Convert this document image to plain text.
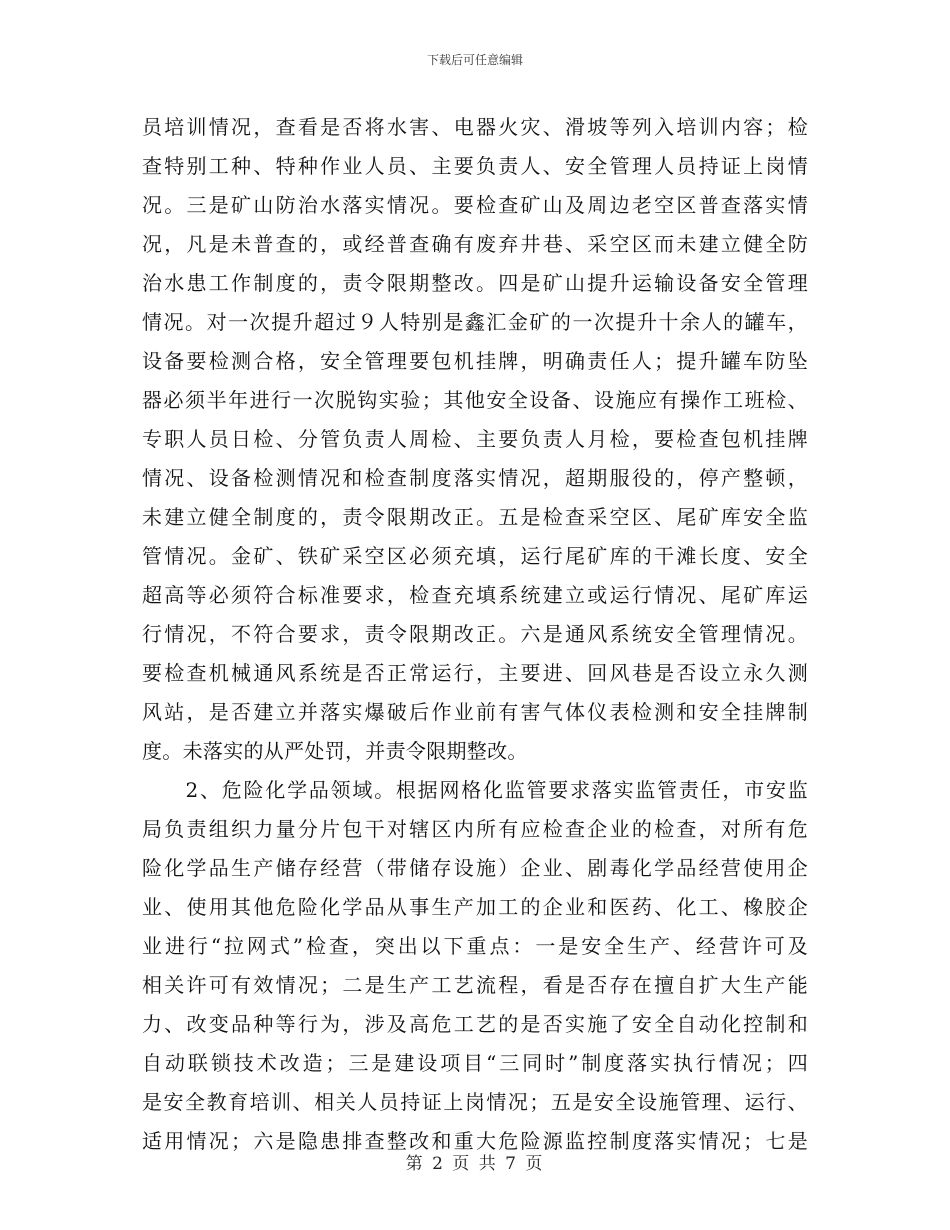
下载后可任意编辑
员培训情况，查看是否将水害、电器火灾、滑坡等列入培训内容；检
查特别工种、特种作业人员、主要负责人、安全管理人员持证上岗情
况。三是矿山防治水落实情况。要检查矿山及周边老空区普查落实情
况，凡是未普查的，或经普查确有废弃井巷、采空区而未建立健全防
治水患工作制度的，责令限期整改。四是矿山提升运输设备安全管理
情况。对一次提升超过９人特别是鑫汇金矿的一次提升十余人的罐车，
设备要检测合格，安全管理要包机挂牌，明确责任人；提升罐车防坠
器必须半年进行一次脱钩实验；其他安全设备、设施应有操作工班检、
专职人员日检、分管负责人周检、主要负责人月检，要检查包机挂牌
情况、设备检测情况和检查制度落实情况，超期服役的，停产整顿，
未建立健全制度的，责令限期改正。五是检查采空区、尾矿库安全监
管情况。金矿、铁矿采空区必须充填，运行尾矿库的干滩长度、安全
超高等必须符合标准要求，检查充填系统建立或运行情况、尾矿库运
行情况，不符合要求，责令限期改正。六是通风系统安全管理情况。
要检查机械通风系统是否正常运行，主要进、回风巷是否设立永久测
风站，是否建立并落实爆破后作业前有害气体仪表检测和安全挂牌制
度。未落实的从严处罚，并责令限期整改。
　　2、危险化学品领域。根据网格化监管要求落实监管责任，市安监
局负责组织力量分片包干对辖区内所有应检查企业的检查，对所有危
险化学品生产储存经营（带储存设施）企业、剧毒化学品经营使用企
业、使用其他危险化学品从事生产加工的企业和医药、化工、橡胶企
业进行“拉网式”检查，突出以下重点：一是安全生产、经营许可及
相关许可有效情况；二是生产工艺流程，看是否存在擅自扩大生产能
力、改变品种等行为，涉及高危工艺的是否实施了安全自动化控制和
自动联锁技术改造；三是建设项目“三同时”制度落实执行情况；四
是安全教育培训、相关人员持证上岗情况；五是安全设施管理、运行、
适用情况；六是隐患排查整改和重大危险源监控制度落实情况；七是
第 2 页 共 7 页
